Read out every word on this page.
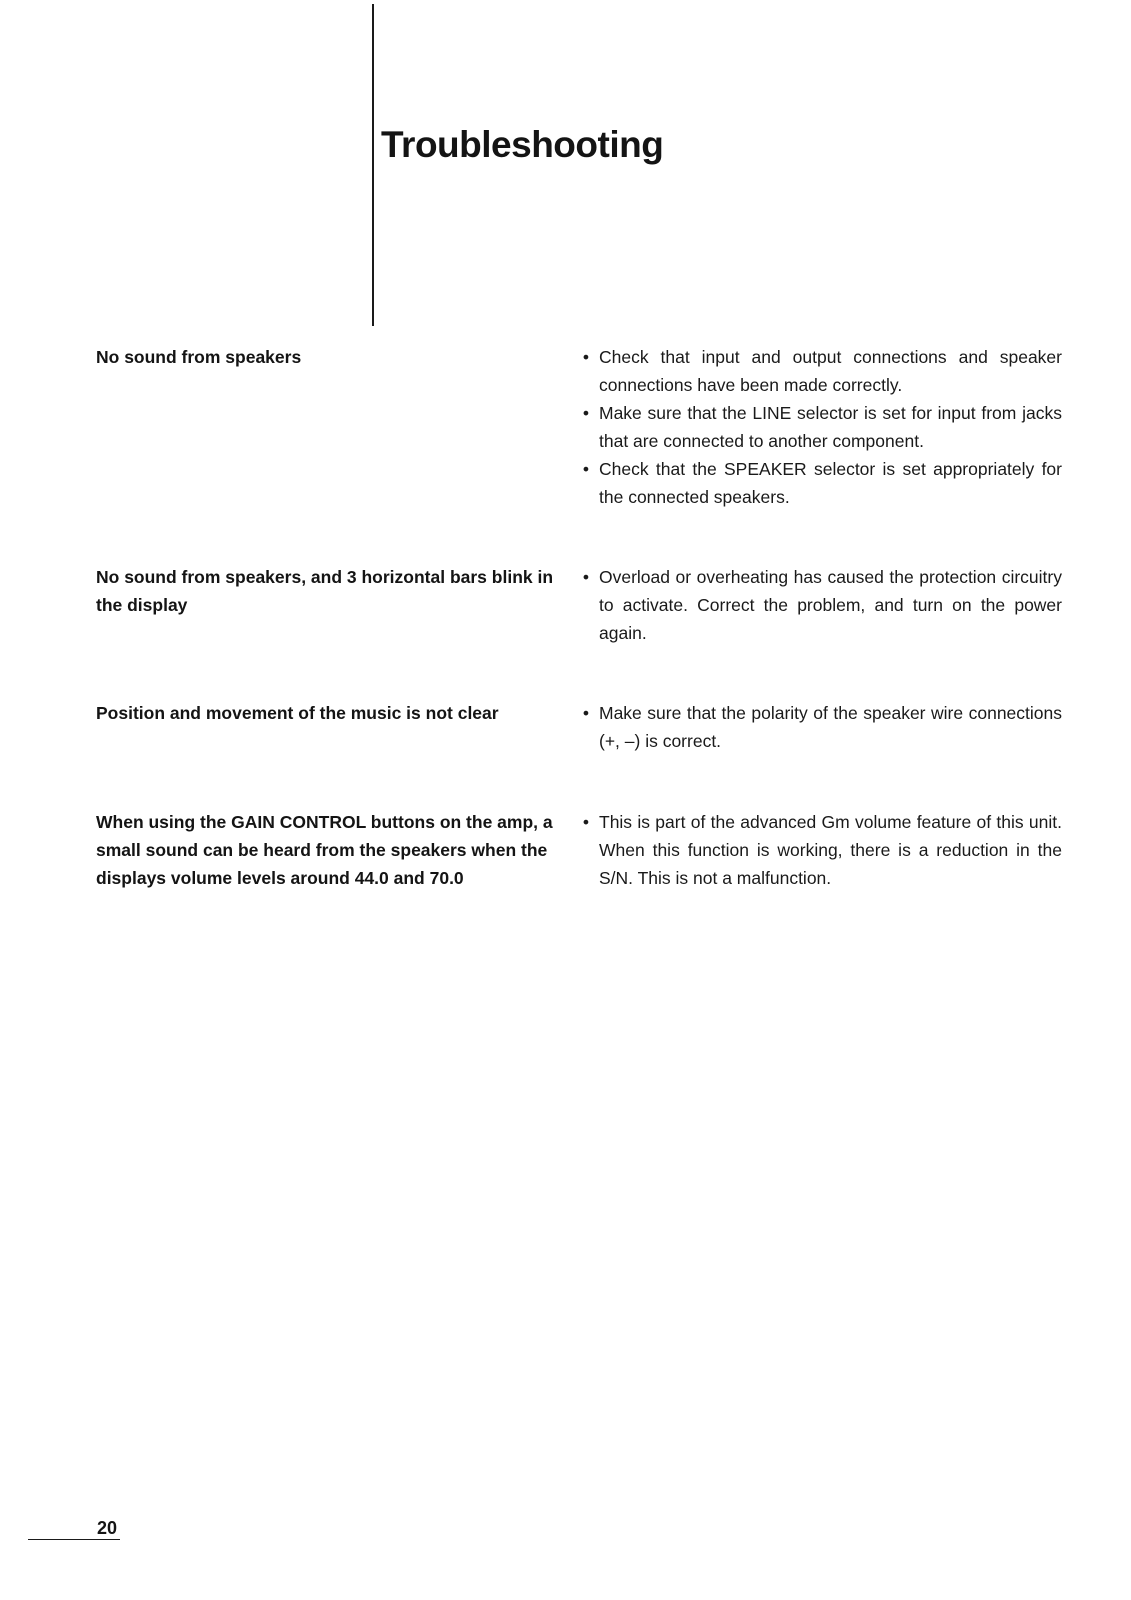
Troubleshooting
No sound from speakers	• Check that input and output connections and speaker connections have been made correctly.
• Make sure that the LINE selector is set for input from jacks that are connected to another component.
• Check that the SPEAKER selector is set appropriately for the connected speakers.
No sound from speakers, and 3 horizontal bars blink in the display
• Overload or overheating has caused the protection circuitry to activate. Correct the problem, and turn on the power again.
Position and movement of the music is not clear	• Make sure that the polarity of the speaker wire connections (+, –) is correct.
When using the GAIN CONTROL buttons on the amp, a small sound can be heard from the speakers when the displays volume levels around 44.0 and 70.0
• This is part of the advanced Gm volume feature of this unit. When this function is working, there is a reduction in the S/N. This is not a malfunction.
20
